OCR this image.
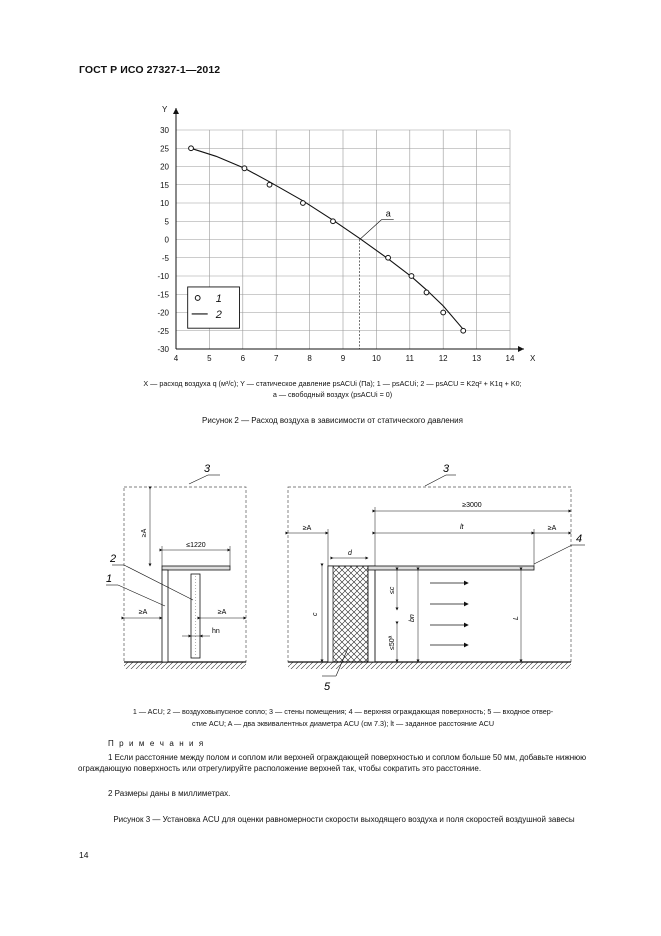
ГОСТ Р ИСО 27327-1—2012
4	5	6	7	8	9	10	11	12	13	14
30
25
20
15
10
5
0
-5
-10
-15
-20
-25
-30
X
Y
1
2
a
X — расход воздуха q (м³/с); Y — статическое давление psACUi (Па); 1 — psACUi; 2 — psACU = K2q² + K1q + K0;
a — свободный воздух (psACUi = 0)
Рисунок 2 — Расход воздуха в зависимости от статического давления
≥A
≤1220
≥A	≥A
hn
3
2
1
≥3000
≥A	lt	≥A
d
c
≤c
bn
≤50ª
L
3
4
5
1 — ACU; 2 — воздуховыпускное сопло; 3 — стены помещения; 4 — верхняя ограждающая поверхность; 5 — входное отвер-
стие ACU; A — два эквивалентных диаметра ACU (см 7.3); lt — заданное расстояние ACU
П р и м е ч а н и я
1 Если расстояние между полом и соплом или верхней ограждающей поверхностью и соплом больше 50 мм, добавьте нижнюю ограждающую поверхность или отрегулируйте расположение верхней так, чтобы сократить это расстояние.
2 Размеры даны в миллиметрах.
Рисунок 3 — Установка ACU для оценки равномерности скорости выходящего воздуха и поля скоростей воздушной завесы
14
